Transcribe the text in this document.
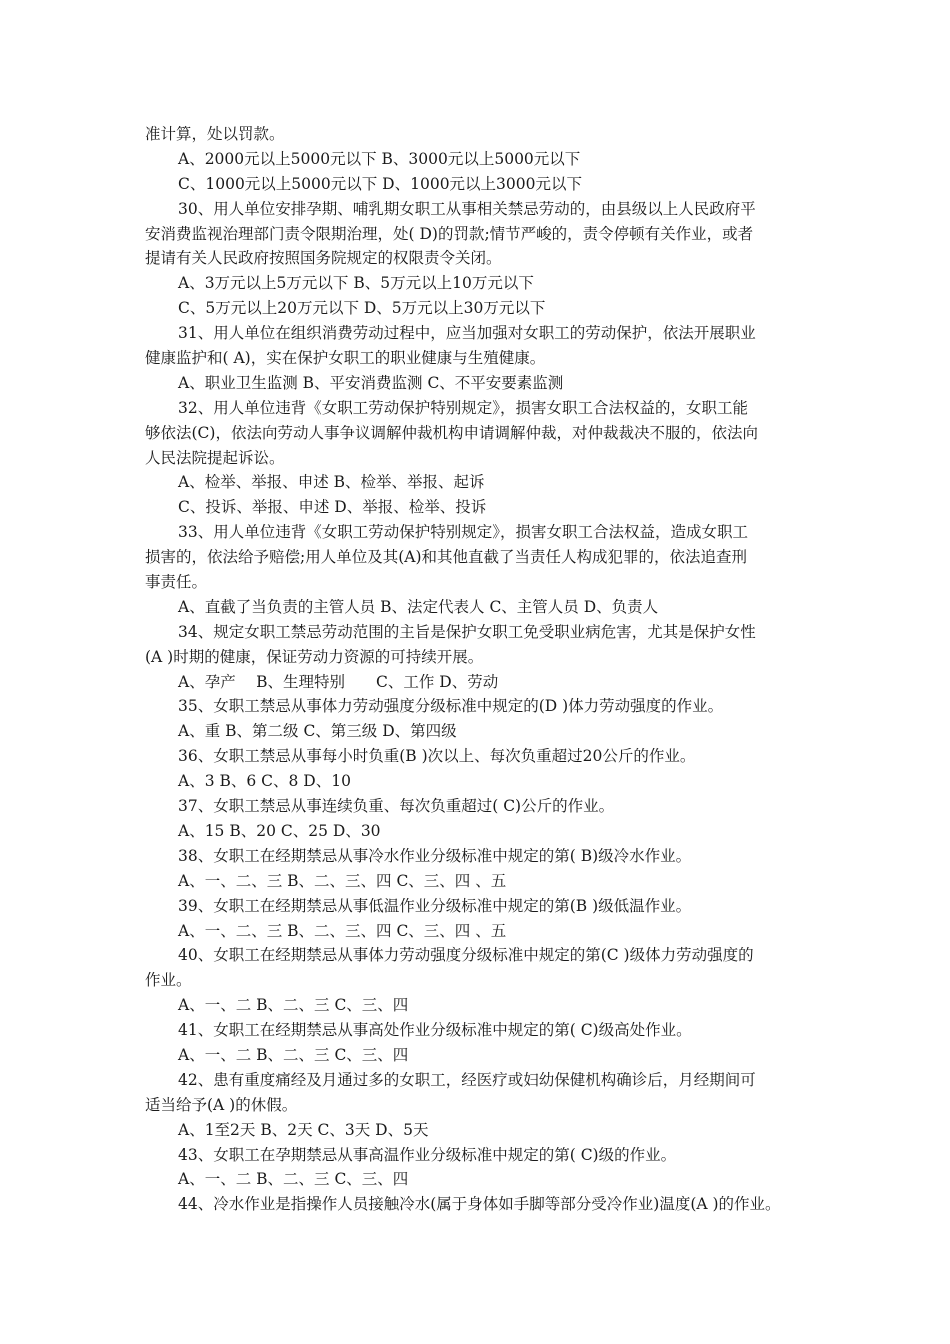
准计算，处以罚款。
A、2000元以上5000元以下 B、3000元以上5000元以下
C、1000元以上5000元以下 D、1000元以上3000元以下
30、用人单位安排孕期、哺乳期女职工从事相关禁忌劳动的，由县级以上人民政府平
安消费监视治理部门责令限期治理，处( D)的罚款;情节严峻的，责令停顿有关作业，或者
提请有关人民政府按照国务院规定的权限责令关闭。
A、3万元以上5万元以下 B、5万元以上10万元以下
C、5万元以上20万元以下 D、5万元以上30万元以下
31、用人单位在组织消费劳动过程中，应当加强对女职工的劳动保护，依法开展职业
健康监护和( A)，实在保护女职工的职业健康与生殖健康。
A、职业卫生监测 B、平安消费监测 C、不平安要素监测
32、用人单位违背《女职工劳动保护特别规定》，损害女职工合法权益的，女职工能
够依法(C)，依法向劳动人事争议调解仲裁机构申请调解仲裁，对仲裁裁决不服的，依法向
人民法院提起诉讼。
A、检举、举报、申述 B、检举、举报、起诉
C、投诉、举报、申述 D、举报、检举、投诉
33、用人单位违背《女职工劳动保护特别规定》，损害女职工合法权益，造成女职工
损害的，依法给予赔偿;用人单位及其(A)和其他直截了当责任人构成犯罪的，依法追查刑
事责任。
A、直截了当负责的主管人员 B、法定代表人 C、主管人员 D、负责人
34、规定女职工禁忌劳动范围的主旨是保护女职工免受职业病危害，尤其是保护女性
(A )时期的健康，保证劳动力资源的可持续开展。
A、孕产　 B、生理特别　　C、工作 D、劳动
35、女职工禁忌从事体力劳动强度分级标准中规定的(D )体力劳动强度的作业。
A、重 B、第二级 C、第三级 D、第四级
36、女职工禁忌从事每小时负重(B )次以上、每次负重超过20公斤的作业。
A、3 B、6 C、8 D、10
37、女职工禁忌从事连续负重、每次负重超过( C)公斤的作业。
A、15 B、20 C、25 D、30
38、女职工在经期禁忌从事冷水作业分级标准中规定的第( B)级冷水作业。
A、一、二、三 B、二、三、四 C、三、四 、五
39、女职工在经期禁忌从事低温作业分级标准中规定的第(B )级低温作业。
A、一、二、三 B、二、三、四 C、三、四 、五
40、女职工在经期禁忌从事体力劳动强度分级标准中规定的第(C )级体力劳动强度的
作业。
A、一、二 B、二、三 C、三、四
41、女职工在经期禁忌从事高处作业分级标准中规定的第( C)级高处作业。
A、一、二 B、二、三 C、三、四
42、患有重度痛经及月通过多的女职工，经医疗或妇幼保健机构确诊后，月经期间可
适当给予(A )的休假。
A、1至2天 B、2天 C、3天 D、5天
43、女职工在孕期禁忌从事高温作业分级标准中规定的第( C)级的作业。
A、一、二 B、二、三 C、三、四
44、冷水作业是指操作人员接触冷水(属于身体如手脚等部分受冷作业)温度(A )的作业。
